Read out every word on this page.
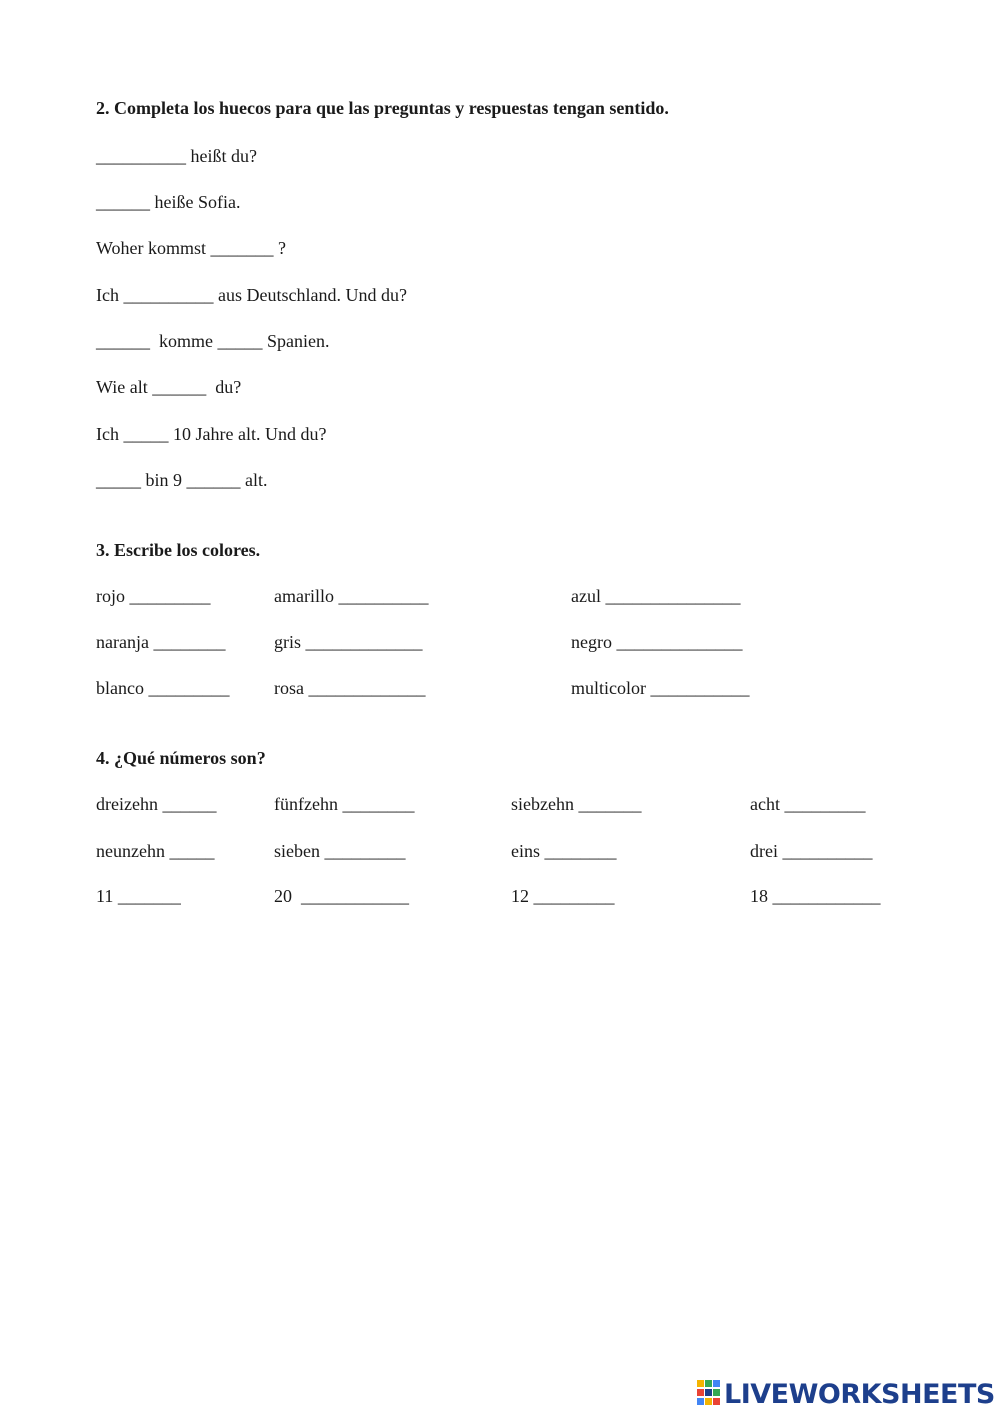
2. Completa los huecos para que las preguntas y respuestas tengan sentido.
__________ heißt du?
______ heiße Sofia.
Woher kommst _______ ?
Ich __________ aus Deutschland. Und du?
______  komme _____ Spanien.
Wie alt ______  du?
Ich _____ 10 Jahre alt. Und du?
_____ bin 9 ______ alt.
3. Escribe los colores.
rojo _________	amarillo __________	azul _______________
naranja ________	gris _____________	negro ______________
blanco _________ rosa _____________	multicolor ___________
4. ¿Qué números son?
dreizehn ______	fünfzehn ________	siebzehn _______	acht _________
neunzehn _____	sieben _________	eins ________	drei __________
11 _______	20  ____________	12 _________	18 ____________
LIVEWORKSHEETS
